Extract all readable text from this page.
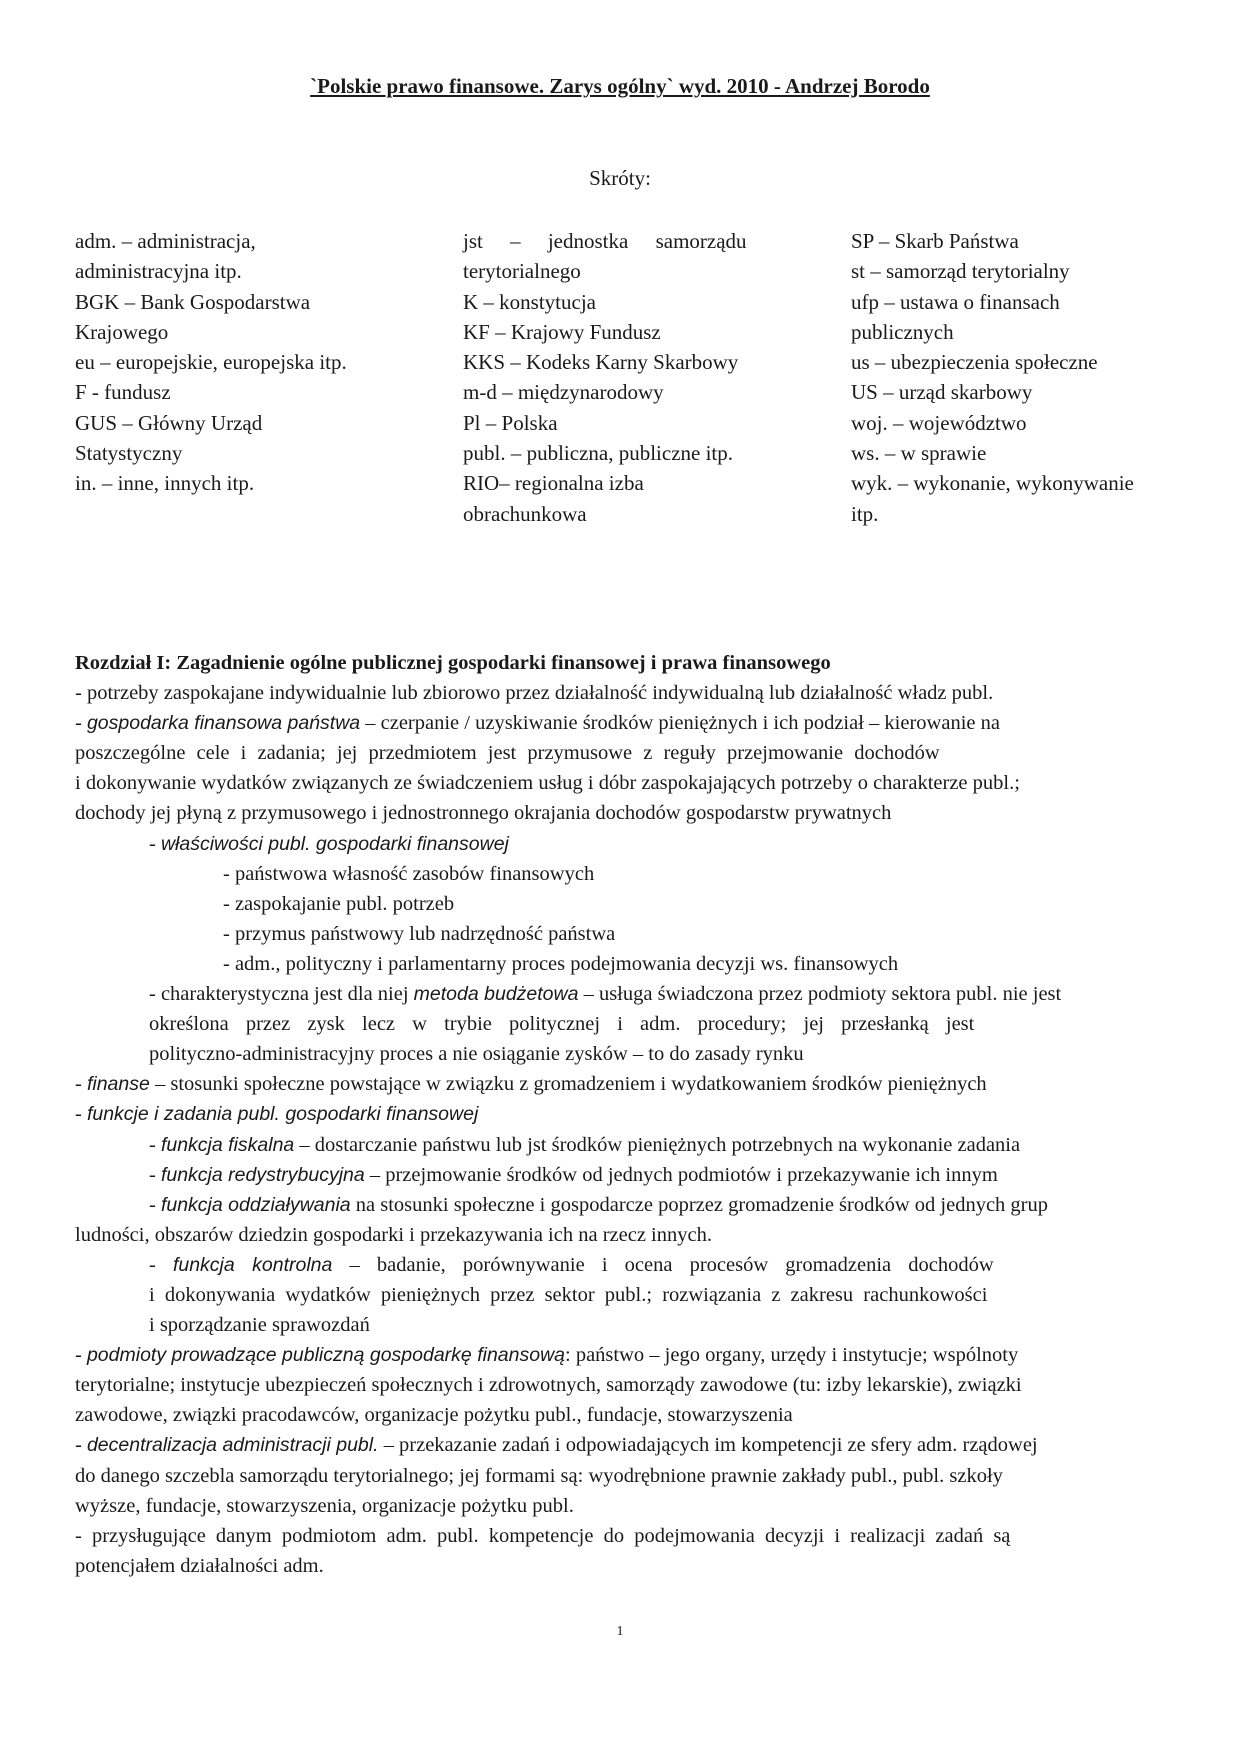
`Polskie prawo finansowe. Zarys ogólny` wyd. 2010 - Andrzej Borodo
Skróty:
adm. – administracja,
administracyjna itp.
BGK – Bank Gospodarstwa
Krajowego
eu – europejskie, europejska itp.
F - fundusz
GUS – Główny Urząd
Statystyczny
in. – inne, innych itp.
jst – jednostka samorządu
terytorialnego
K – konstytucja
KF – Krajowy Fundusz
KKS – Kodeks Karny Skarbowy
m-d – międzynarodowy
Pl – Polska
publ. – publiczna, publiczne itp.
RIO– regionalna izba
obrachunkowa
SP – Skarb Państwa
st – samorząd terytorialny
ufp – ustawa o finansach
publicznych
us – ubezpieczenia społeczne
US – urząd skarbowy
woj. – województwo
ws. – w sprawie
wyk. – wykonanie, wykonywanie
itp.
Rozdział I: Zagadnienie ogólne publicznej gospodarki finansowej i prawa finansowego
- potrzeby zaspokajane indywidualnie lub zbiorowo przez działalność indywidualną lub działalność władz publ.
- gospodarka finansowa państwa – czerpanie / uzyskiwanie środków pieniężnych i ich podział – kierowanie na
poszczególne cele i zadania; jej przedmiotem jest przymusowe z reguły przejmowanie dochodów
i dokonywanie wydatków związanych ze świadczeniem usług i dóbr zaspokajających potrzeby o charakterze publ.;
dochody jej płyną z przymusowego i jednostronnego okrajania dochodów gospodarstw prywatnych
- właściwości publ. gospodarki finansowej
- państwowa własność zasobów finansowych
- zaspokajanie publ. potrzeb
- przymus państwowy lub nadrzędność państwa
- adm., polityczny i parlamentarny proces podejmowania decyzji ws. finansowych
- charakterystyczna jest dla niej metoda budżetowa – usługa świadczona przez podmioty sektora publ. nie jest
określona przez zysk lecz w trybie politycznej i adm. procedury; jej przesłanką jest
polityczno-administracyjny proces a nie osiąganie zysków – to do zasady rynku
- finanse – stosunki społeczne powstające w związku z gromadzeniem i wydatkowaniem środków pieniężnych
- funkcje i zadania publ. gospodarki finansowej
- funkcja fiskalna – dostarczanie państwu lub jst środków pieniężnych potrzebnych na wykonanie zadania
- funkcja redystrybucyjna – przejmowanie środków od jednych podmiotów i przekazywanie ich innym
- funkcja oddziaływania na stosunki społeczne i gospodarcze poprzez gromadzenie środków od jednych grup
ludności, obszarów dziedzin gospodarki i przekazywania ich na rzecz innych.
- funkcja kontrolna – badanie, porównywanie i ocena procesów gromadzenia dochodów
i dokonywania wydatków pieniężnych przez sektor publ.; rozwiązania z zakresu rachunkowości
i sporządzanie sprawozdań
- podmioty prowadzące publiczną gospodarkę finansową: państwo – jego organy, urzędy i instytucje; wspólnoty
terytorialne; instytucje ubezpieczeń społecznych i zdrowotnych, samorządy zawodowe (tu: izby lekarskie), związki
zawodowe, związki pracodawców, organizacje pożytku publ., fundacje, stowarzyszenia
- decentralizacja administracji publ. – przekazanie zadań i odpowiadających im kompetencji ze sfery adm. rządowej
do danego szczebla samorządu terytorialnego; jej formami są: wyodrębnione prawnie zakłady publ., publ. szkoły
wyższe, fundacje, stowarzyszenia, organizacje pożytku publ.
- przysługujące danym podmiotom adm. publ. kompetencje do podejmowania decyzji i realizacji zadań są
potencjałem działalności adm.
1
